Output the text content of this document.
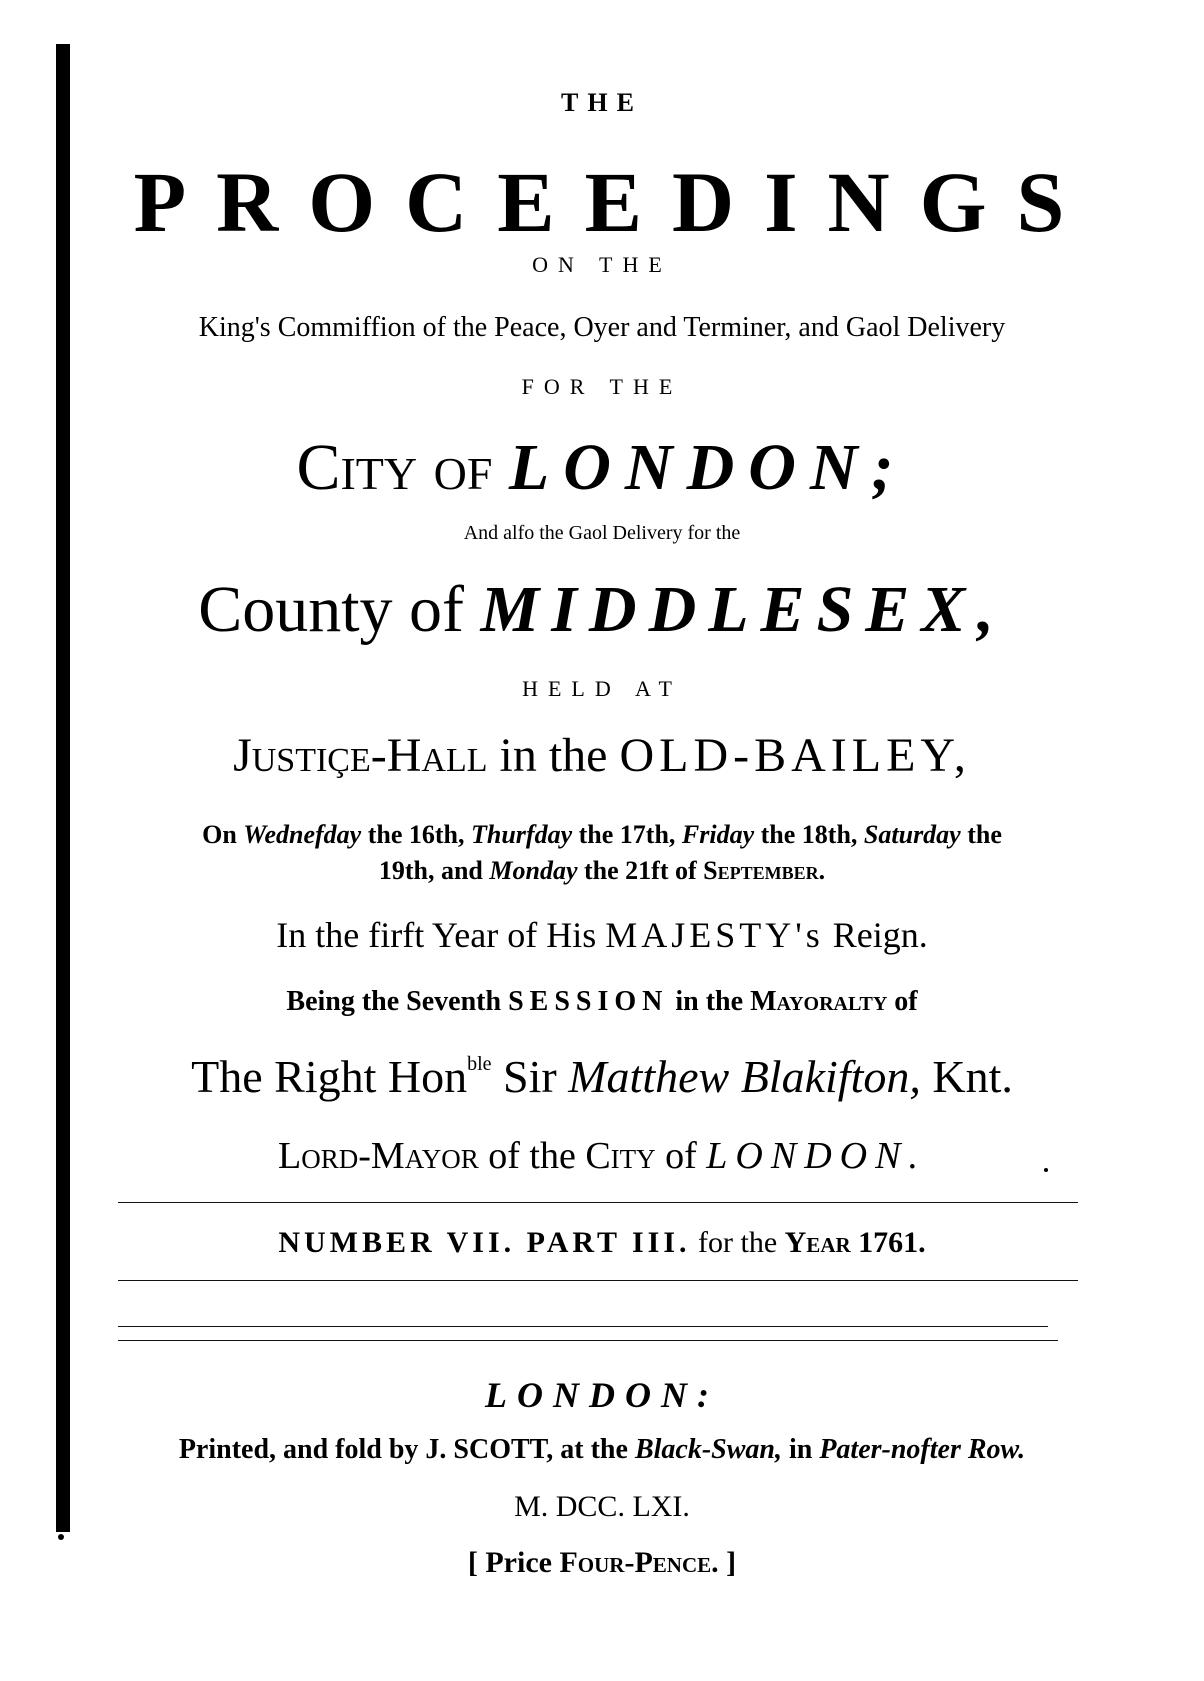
THE
PROCEEDINGS
ON THE
King's Commiffion of the Peace, Oyer and Terminer, and Gaol Delivery
FOR THE
City of LONDON;
And alfo the Gaol Delivery for the
County of MIDDLESEX,
HELD AT
Justiçe-Hall in the OLD-BAILEY,
On Wednefday the 16th, Thurfday the 17th, Friday the 18th, Saturday the
19th, and Monday the 21ft of September.
In the firft Year of His MAJESTY's Reign.
Being the Seventh SESSION in the Mayoralty of
The Right Hon$^{ble}$ Sir Matthew Blakifton, Knt.
Lord-Mayor of the City of LONDON.
NUMBER VII. PART III. for the Year 1761.
LONDON:
Printed, and fold by J. SCOTT, at the Black-Swan, in Pater-nofter Row.
M. DCC. LXI.
[ Price Four-Pence. ]
